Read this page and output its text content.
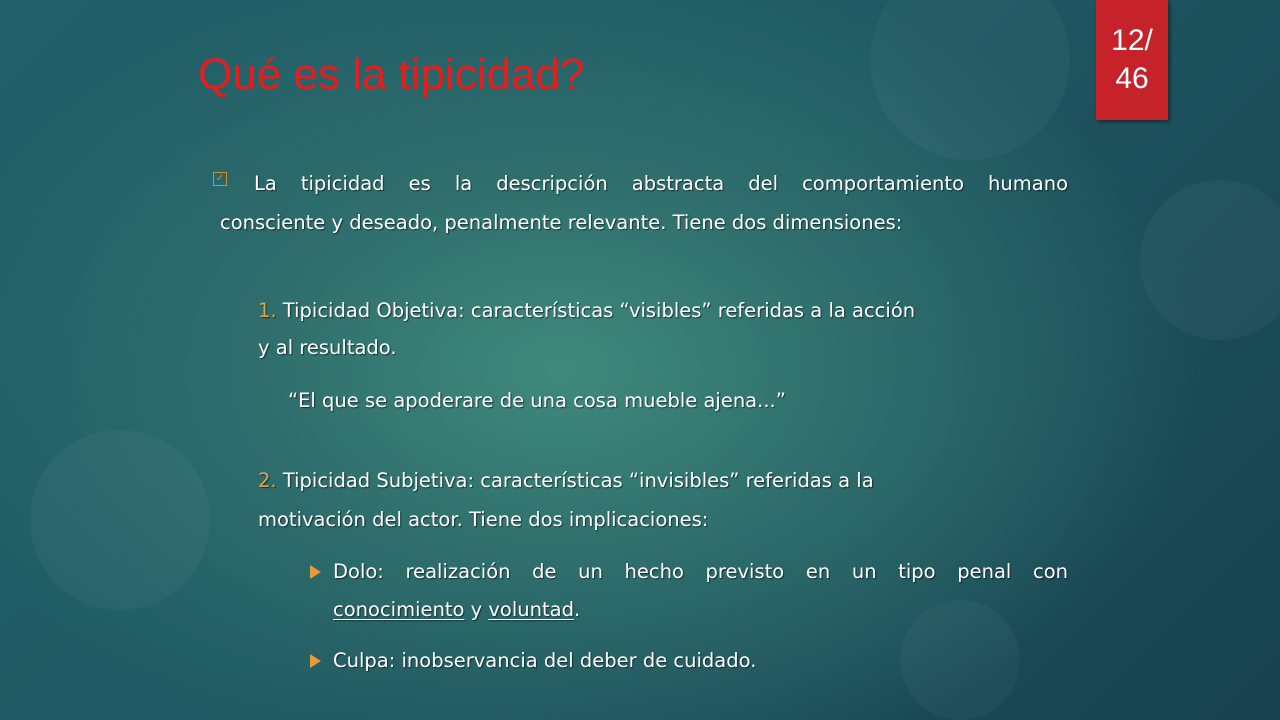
Qué es la tipicidad?
12/
46
✓ La tipicidad es la descripción abstracta del comportamiento humano
consciente y deseado, penalmente relevante. Tiene dos dimensiones:
1. Tipicidad Objetiva: características “visibles” referidas a la acción
y al resultado.
“El que se apoderare de una cosa mueble ajena...”
2. Tipicidad Subjetiva: características “invisibles” referidas a la
motivación del actor. Tiene dos implicaciones:
Dolo: realización de un hecho previsto en un tipo penal con
conocimiento y voluntad.
Culpa: inobservancia del deber de cuidado.
